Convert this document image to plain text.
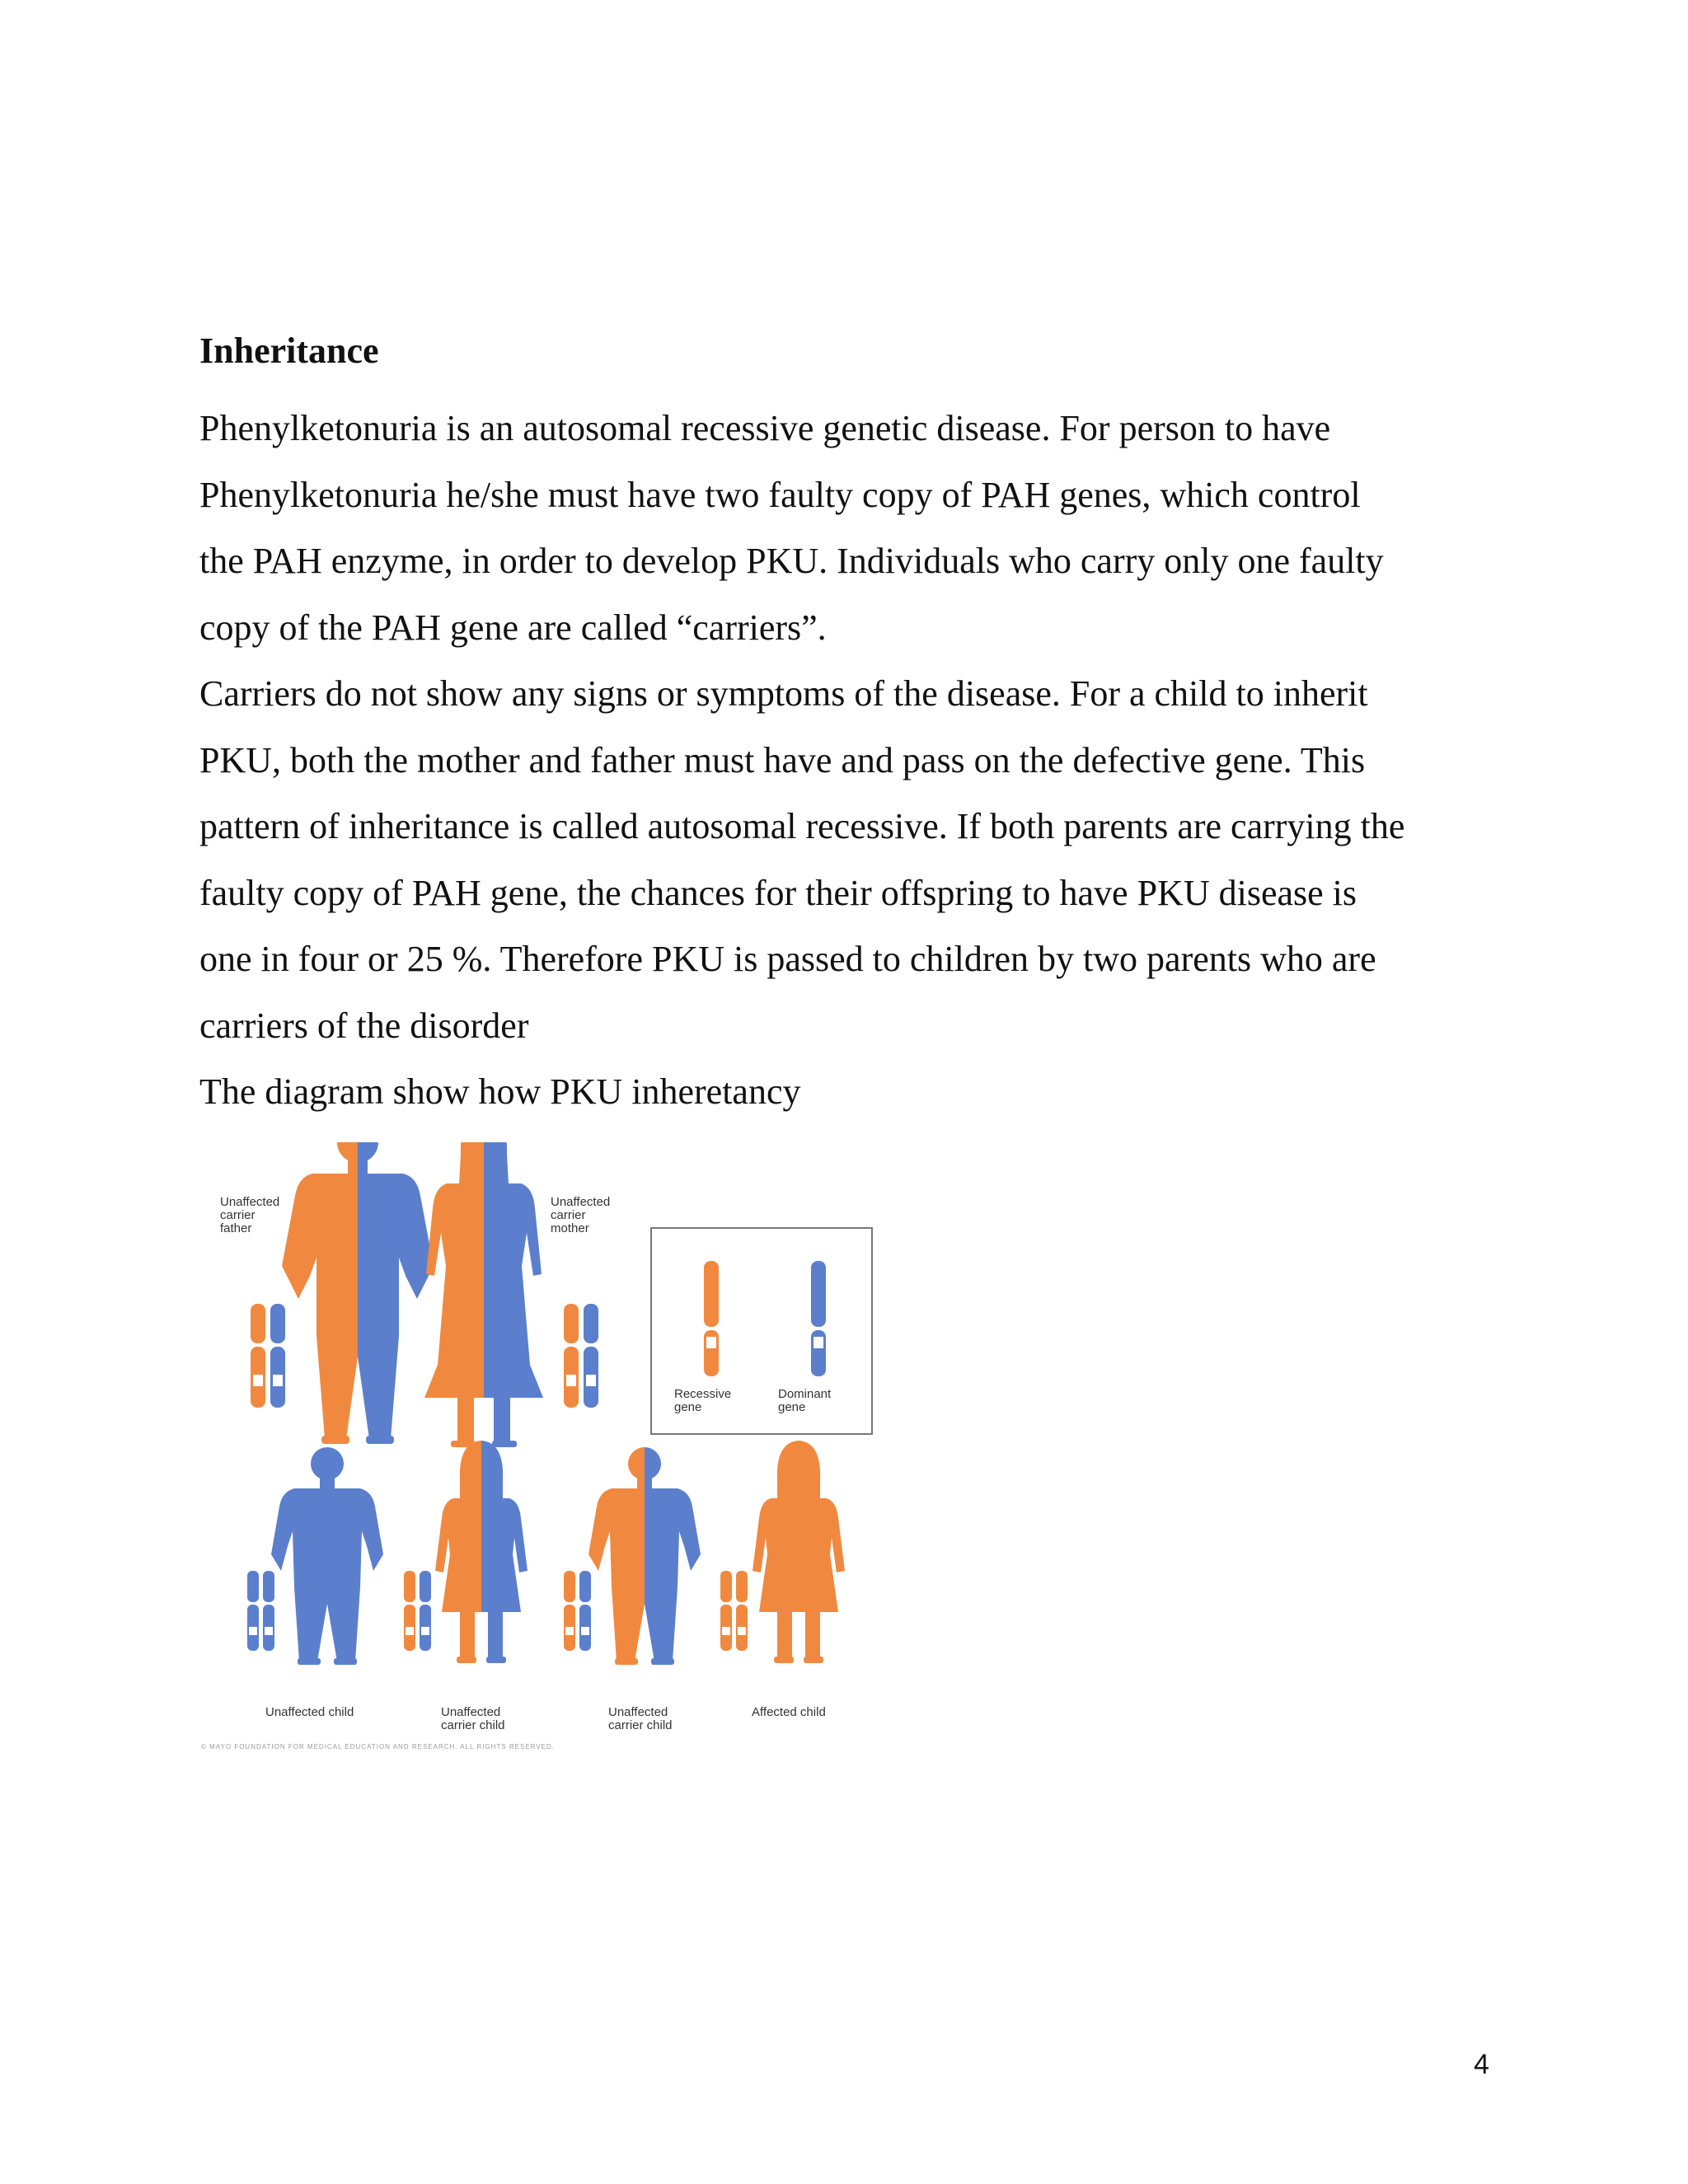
Inheritance

Phenylketonuria is an autosomal recessive genetic disease. For person to have
Phenylketonuria he/she must have two faulty copy of PAH genes, which control
the PAH enzyme, in order to develop PKU. Individuals who carry only one faulty
copy of the PAH gene are called “carriers”.
Carriers do not show any signs or symptoms of the disease. For a child to inherit
PKU, both the mother and father must have and pass on the defective gene. This
pattern of inheritance is called autosomal recessive. If both parents are carrying the
faulty copy of PAH gene, the chances for their offspring to have PKU disease is
one in four or 25 %. Therefore PKU is passed to children by two parents who are
carriers of the disorder
The diagram show how PKU inheretancy

Unaffected carrier father
Unaffected carrier mother
Recessive gene
Dominant gene
Unaffected child	Unaffected carrier child
Unaffected carrier child
Affected child
© MAYO FOUNDATION FOR MEDICAL EDUCATION AND RESEARCH. ALL RIGHTS RESERVED.

4
